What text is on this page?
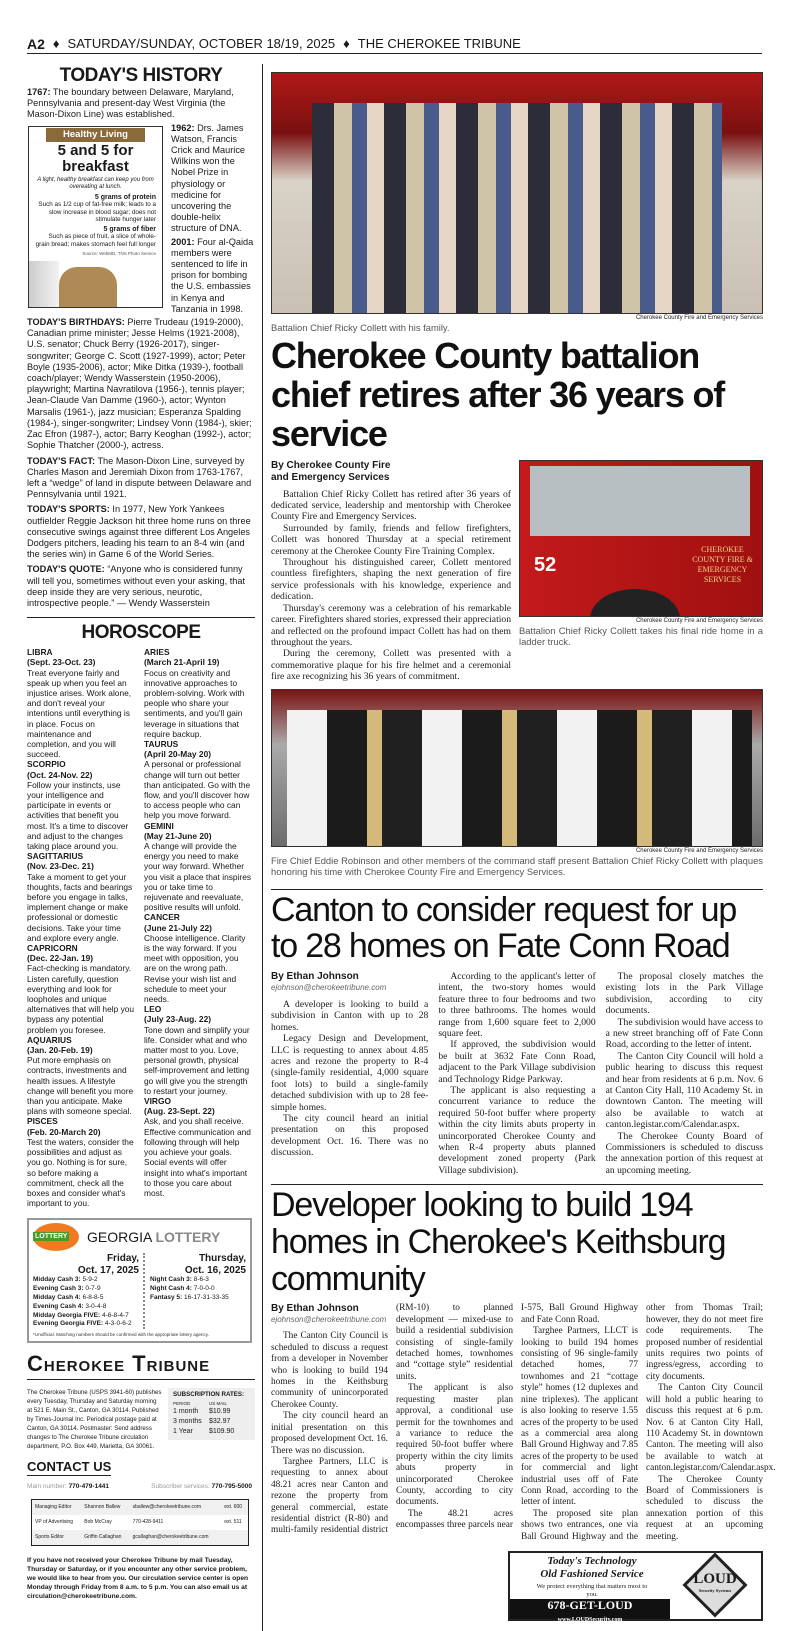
A2 ♦ SATURDAY/SUNDAY, OCTOBER 18/19, 2025 ♦ THE CHEROKEE TRIBUNE
TODAY'S HISTORY

1767: The boundary between Delaware, Maryland, Pennsylvania and present-day West Virginia (the Mason-Dixon Line) was established.

Healthy Living
5 and 5 for breakfast
A light, healthy breakfast can keep you from overeating at lunch.
5 grams of protein
Such as 1/2 cup of fat-free milk; leads to a slow increase in blood sugar; does not stimulate hunger later
5 grams of fiber
Such as piece of fruit, a slice of whole-grain bread; makes stomach feel full longer
Source: WebMD, TNS Photo Service

1962: Drs. James Watson, Francis Crick and Maurice Wilkins won the Nobel Prize in physiology or medicine for uncovering the double-helix structure of DNA.

2001: Four al-Qaida members were sentenced to life in prison for bombing the U.S. embassies in Kenya and Tanzania in 1998.

TODAY'S BIRTHDAYS: Pierre Trudeau (1919-2000), Canadian prime minister; Jesse Helms (1921-2008), U.S. senator; Chuck Berry (1926-2017), singer-songwriter; George C. Scott (1927-1999), actor; Peter Boyle (1935-2006), actor; Mike Ditka (1939-), football coach/player; Wendy Wasserstein (1950-2006), playwright; Martina Navratilova (1956-), tennis player; Jean-Claude Van Damme (1960-), actor; Wynton Marsalis (1961-), jazz musician; Esperanza Spalding (1984-), singer-songwriter; Lindsey Vonn (1984-), skier; Zac Efron (1987-), actor; Barry Keoghan (1992-), actor; Sophie Thatcher (2000-), actress.

TODAY'S FACT: The Mason-Dixon Line, surveyed by Charles Mason and Jeremiah Dixon from 1763-1767, left a “wedge” of land in dispute between Delaware and Pennsylvania until 1921.

TODAY'S SPORTS: In 1977, New York Yankees outfielder Reggie Jackson hit three home runs on three consecutive swings against three different Los Angeles Dodgers pitchers, leading his team to an 8-4 win (and the series win) in Game 6 of the World Series.

TODAY'S QUOTE: “Anyone who is considered funny will tell you, sometimes without even your asking, that deep inside they are very serious, neurotic, introspective people.” — Wendy Wasserstein

HOROSCOPE
LIBRA
(Sept. 23-Oct. 23)
Treat everyone fairly and speak up when you feel an injustice arises. Work alone, and don't reveal your intentions until everything is in place. Focus on maintenance and completion, and you will succeed.
SCORPIO
(Oct. 24-Nov. 22)
Follow your instincts, use your intelligence and participate in events or activities that benefit you most. It's a time to discover and adjust to the changes taking place around you.
SAGITTARIUS
(Nov. 23-Dec. 21)
Take a moment to get your thoughts, facts and bearings before you engage in talks, implement change or make professional or domestic decisions. Take your time and explore every angle.
CAPRICORN
(Dec. 22-Jan. 19)
Fact-checking is mandatory. Listen carefully, question everything and look for loopholes and unique alternatives that will help you bypass any potential problem you foresee.
AQUARIUS
(Jan. 20-Feb. 19)
Put more emphasis on contracts, investments and health issues. A lifestyle change will benefit you more than you anticipate. Make plans with someone special.
PISCES
(Feb. 20-March 20)
Test the waters, consider the possibilities and adjust as you go. Nothing is for sure, so before making a commitment, check all the boxes and consider what's important to you.
ARIES
(March 21-April 19)
Focus on creativity and innovative approaches to problem-solving. Work with people who share your sentiments, and you'll gain leverage in situations that require backup.
TAURUS
(April 20-May 20)
A personal or professional change will turn out better than anticipated. Go with the flow, and you'll discover how to access people who can help you move forward.
GEMINI
(May 21-June 20)
A change will provide the energy you need to make your way forward. Whether you visit a place that inspires you or take time to rejuvenate and reevaluate, positive results will unfold.
CANCER
(June 21-July 22)
Choose intelligence. Clarity is the way forward. If you meet with opposition, you are on the wrong path. Revise your wish list and schedule to meet your needs.
LEO
(July 23-Aug. 22)
Tone down and simplify your life. Consider what and who matter most to you. Love, personal growth, physical self-improvement and letting go will give you the strength to restart your journey.
VIRGO
(Aug. 23-Sept. 22)
Ask, and you shall receive. Effective communication and following through will help you achieve your goals. Social events will offer insight into what's important to those you care about most.
LOTTERY GEORGIA LOTTERY
Friday,
Oct. 17, 2025
Midday Cash 3: 5-9-2
Evening Cash 3: 0-7-9
Midday Cash 4: 6-8-8-5
Evening Cash 4: 3-0-4-8
Midday Georgia FIVE: 4-6-8-4-7
Evening Georgia FIVE: 4-3-0-6-2
Thursday,
Oct. 16, 2025
Night Cash 3: 8-6-3
Night Cash 4: 7-0-0-0
Fantasy 5: 16-17-31-33-35
*Unofficial. Matching numbers should be confirmed with the appropriate lottery agency.
Cherokee Tribune
The Cherokee Tribune (USPS 3941-60) publishes every Tuesday, Thursday and Saturday morning at 521 E. Main St., Canton, GA 30114. Published by Times-Journal Inc. Periodical postage paid at Canton, GA 30114. Postmaster: Send address changes to The Cherokee Tribune circulation department, P.O. Box 449, Marietta, GA 30061.
SUBSCRIPTION RATES:
PERIOD	US MAIL
1 month	$10.99
3 months	$32.97
1 Year	$109.90
CONTACT US
Main number: 770-479-1441	Subscriber services: 770-795-5000
Managing Editor	Shannon Ballew	sballew@cherokeetribune.com	ext. 600
VP of Advertising	Bob McCray	770-428-9411	ext. 511
Sports Editor	Griffin Callaghan	gcallaghan@cherokeetribune.com	
If you have not received your Cherokee Tribune by mail Tuesday, Thursday or Saturday, or if you encounter any other service problem, we would like to hear from you. Our circulation service center is open Monday through Friday from 8 a.m. to 5 p.m. You can also email us at circulation@cherokeetribune.com.
Cherokee County Fire and Emergency Services
Battalion Chief Ricky Collett with his family.
Cherokee County battalion chief retires after 36 years of service
By Cherokee County Fire and Emergency Services

Battalion Chief Ricky Collett has retired after 36 years of dedicated service, leadership and mentorship with Cherokee County Fire and Emergency Services.

Surrounded by family, friends and fellow firefighters, Collett was honored Thursday at a special retirement ceremony at the Cherokee County Fire Training Complex.

Throughout his distinguished career, Collett mentored countless firefighters, shaping the next generation of fire service professionals with his knowledge, experience and dedication.

Thursday's ceremony was a celebration of his remarkable career. Firefighters shared stories, expressed their appreciation and reflected on the profound impact Collett has had on them throughout the years.

During the ceremony, Collett was presented with a commemorative plaque for his fire helmet and a ceremonial fire axe recognizing his 36 years of commitment.

52
CHEROKEE COUNTY FIRE & EMERGENCY SERVICES
Cherokee County Fire and Emergency Services
Battalion Chief Ricky Collett takes his final ride home in a ladder truck.
Cherokee County Fire and Emergency Services
Fire Chief Eddie Robinson and other members of the command staff present Battalion Chief Ricky Collett with plaques honoring his time with Cherokee County Fire and Emergency Services.
Canton to consider request for up to 28 homes on Fate Conn Road
By Ethan Johnson
ejohnson@cherokeetribune.com

A developer is looking to build a subdivision in Canton with up to 28 homes.

Legacy Design and Development, LLC is requesting to annex about 4.85 acres and rezone the property to R-4 (single-family residential, 4,000 square foot lots) to build a single-family detached subdivision with up to 28 fee-simple homes.

The city council heard an initial presentation on this proposed development Oct. 16. There was no discussion.

According to the applicant's letter of intent, the two-story homes would feature three to four bedrooms and two to three bathrooms. The homes would range from 1,600 square feet to 2,000 square feet.

If approved, the subdivision would be built at 3632 Fate Conn Road, adjacent to the Park Village subdivision and Technology Ridge Parkway.

The applicant is also requesting a concurrent variance to reduce the required 50-foot buffer where property within the city limits abuts property in unincorporated Cherokee County and when R-4 property abuts planned development zoned property (Park Village subdivision).

The proposal closely matches the existing lots in the Park Village subdivision, according to city documents.

The subdivision would have access to a new street branching off of Fate Conn Road, according to the letter of intent.

The Canton City Council will hold a public hearing to discuss this request and hear from residents at 6 p.m. Nov. 6 at Canton City Hall, 110 Academy St. in downtown Canton. The meeting will also be available to watch at canton.legistar.com/Calendar.aspx.

The Cherokee County Board of Commissioners is scheduled to discuss the annexation portion of this request at an upcoming meeting.

Developer looking to build 194 homes in Cherokee's Keithsburg community
By Ethan Johnson
ejohnson@cherokeetribune.com

The Canton City Council is scheduled to discuss a request from a developer in November who is looking to build 194 homes in the Keithsburg community of unincorporated Cherokee County.

The city council heard an initial presentation on this proposed development Oct. 16. There was no discussion.

Targhee Partners, LLC is requesting to annex about 48.21 acres near Canton and rezone the property from general commercial, estate residential district (R-80) and multi-family residential district (RM-10) to planned development — mixed-use to build a residential subdivision consisting of single-family detached homes, townhomes and “cottage style” residential units.

The applicant is also requesting master plan approval, a conditional use permit for the townhomes and a variance to reduce the required 50-foot buffer where property within the city limits abuts property in unincorporated Cherokee County, according to city documents.

The 48.21 acres encompasses three parcels near I-575, Ball Ground Highway and Fate Conn Road.

Targhee Partners, LLCT is looking to build 194 homes consisting of 96 single-family detached homes, 77 townhomes and 21 “cottage style” homes (12 duplexes and nine triplexes). The applicant is also looking to reserve 1.55 acres of the property to be used as a commercial area along Ball Ground Highway and 7.85 acres of the property to be used for commercial and light industrial uses off of Fate Conn Road, according to the letter of intent.

The proposed site plan shows two entrances, one via Ball Ground Highway and the other from Thomas Trail; however, they do not meet fire code requirements. The proposed number of residential units requires two points of ingress/egress, according to city documents.

The Canton City Council will hold a public hearing to discuss this request at 6 p.m. Nov. 6 at Canton City Hall, 110 Academy St. in downtown Canton. The meeting will also be available to watch at canton.legistar.com/Calendar.aspx.

The Cherokee County Board of Commissioners is scheduled to discuss the annexation portion of this request at an upcoming meeting.

Today's Technology
Old Fashioned Service
We protect everything that matters most to you.
678-GET-LOUD
www.LOUDSecurity.com
LOUD
Security Systems
